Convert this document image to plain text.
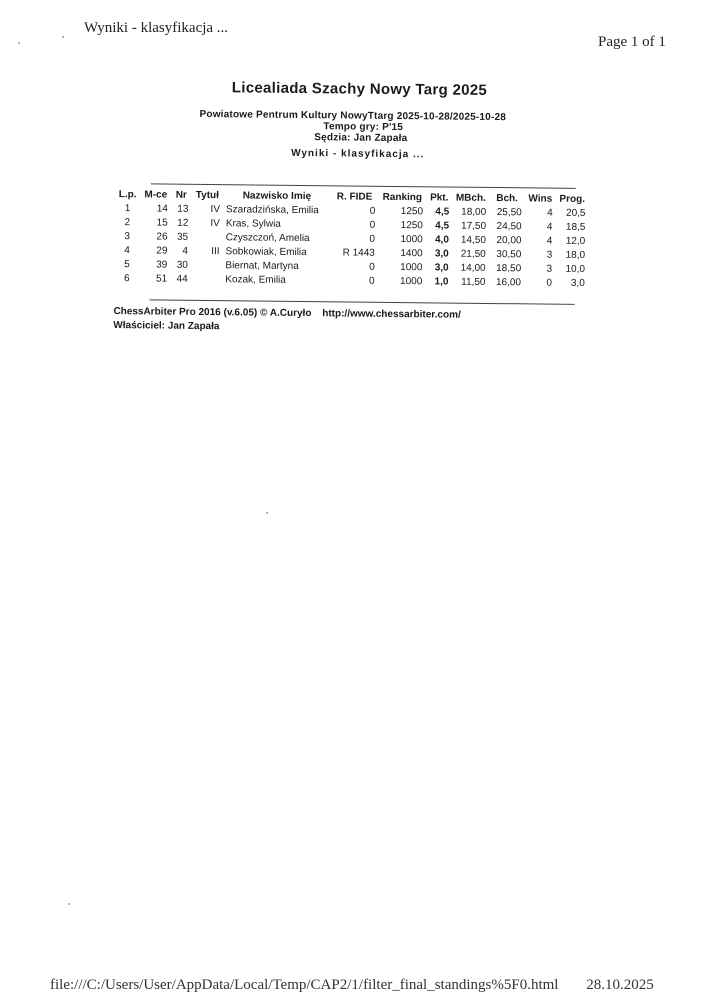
Wyniki - klasyfikacja ...
Page 1 of 1
Licealiada Szachy Nowy Targ 2025
Powiatowe Pentrum Kultury NowyTtarg 2025-10-28/2025-10-28
Tempo gry: P'15
Sędzia: Jan Zapała
Wyniki - klasyfikacja ...
L.p.	M-ce	Nr	Tytuł	Nazwisko Imię	R. FIDE	Ranking	Pkt.	MBch.	Bch.	Wins	Prog.
1	14	13	IV	Szaradzińska, Emilia	0	1250	4,5	18,00	25,50	4	20,5
2	15	12	IV	Kras, Sylwia	0	1250	4,5	17,50	24,50	4	18,5
3	26	35		Czyszczoń, Amelia	0	1000	4,0	14,50	20,00	4	12,0
4	29	4	III	Sobkowiak, Emilia	R 1443	1400	3,0	21,50	30,50	3	18,0
5	39	30		Biernat, Martyna	0	1000	3,0	14,00	18,50	3	10,0
6	51	44		Kozak, Emilia	0	1000	1,0	11,50	16,00	0	3,0
ChessArbiter Pro 2016 (v.6.05) © A.Curyło http://www.chessarbiter.com/
Właściciel: Jan Zapała
file:///C:/Users/User/AppData/Local/Temp/CAP2/1/filter_final_standings%5F0.html 28.10.2025
